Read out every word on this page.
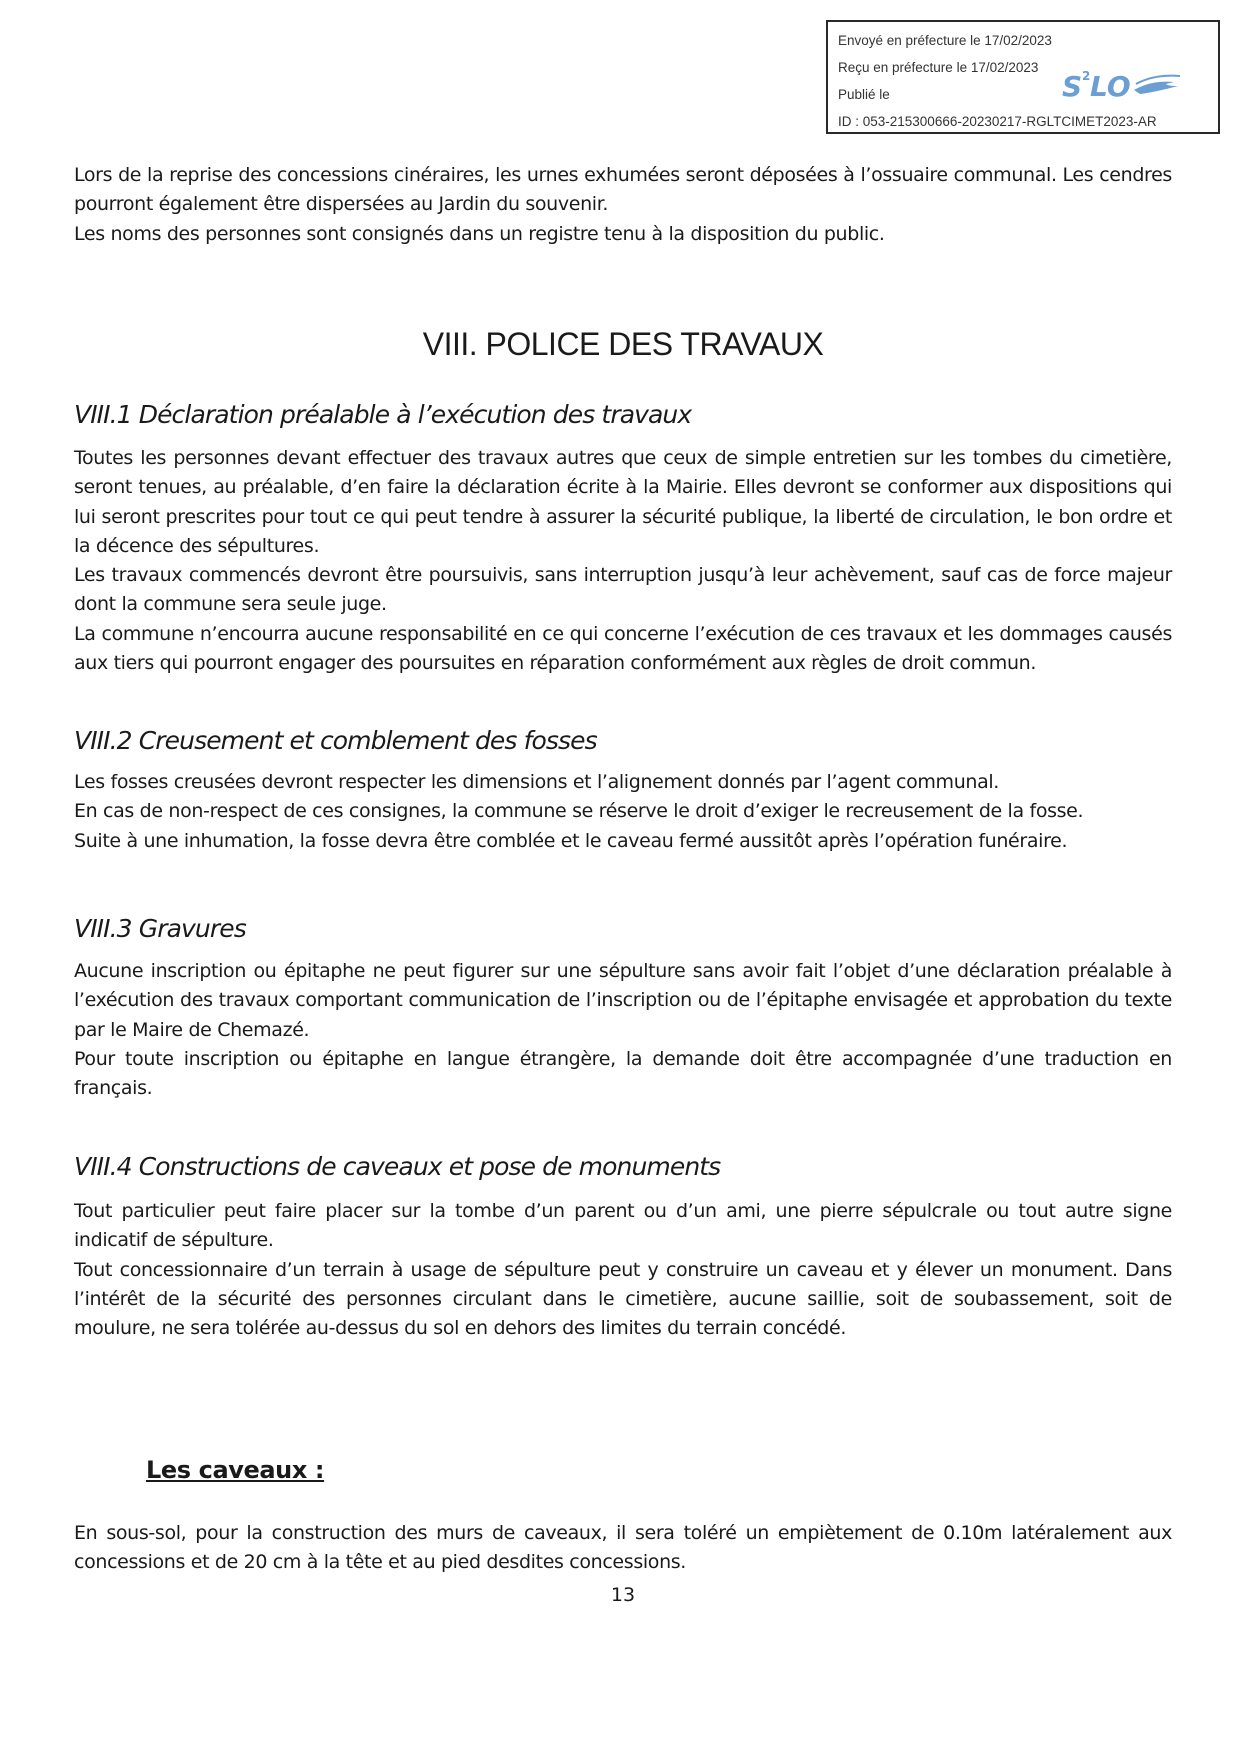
Envoyé en préfecture le 17/02/2023
Reçu en préfecture le 17/02/2023
Publié le
ID : 053-215300666-20230217-RGLTCIMET2023-AR
S 2 LO

Lors de la reprise des concessions cinéraires, les urnes exhumées seront déposées à l’ossuaire communal. Les cendres pourront également être dispersées au Jardin du souvenir.

Les noms des personnes sont consignés dans un registre tenu à la disposition du public.

VIII. POLICE DES TRAVAUX
VIII.1 Déclaration préalable à l’exécution des travaux

Toutes les personnes devant effectuer des travaux autres que ceux de simple entretien sur les tombes du cimetière, seront tenues, au préalable, d’en faire la déclaration écrite à la Mairie. Elles devront se conformer aux dispositions qui lui seront prescrites pour tout ce qui peut tendre à assurer la sécurité publique, la liberté de circulation, le bon ordre et la décence des sépultures.

Les travaux commencés devront être poursuivis, sans interruption jusqu’à leur achèvement, sauf cas de force majeur dont la commune sera seule juge.

La commune n’encourra aucune responsabilité en ce qui concerne l’exécution de ces travaux et les dommages causés aux tiers qui pourront engager des poursuites en réparation conformément aux règles de droit commun.

VIII.2 Creusement et comblement des fosses

Les fosses creusées devront respecter les dimensions et l’alignement donnés par l’agent communal.

En cas de non-respect de ces consignes, la commune se réserve le droit d’exiger le recreusement de la fosse.

Suite à une inhumation, la fosse devra être comblée et le caveau fermé aussitôt après l’opération funéraire.

VIII.3 Gravures

Aucune inscription ou épitaphe ne peut figurer sur une sépulture sans avoir fait l’objet d’une déclaration préalable à l’exécution des travaux comportant communication de l’inscription ou de l’épitaphe envisagée et approbation du texte par le Maire de Chemazé.

Pour toute inscription ou épitaphe en langue étrangère, la demande doit être accompagnée d’une traduction en français.

VIII.4 Constructions de caveaux et pose de monuments

Tout particulier peut faire placer sur la tombe d’un parent ou d’un ami, une pierre sépulcrale ou tout autre signe indicatif de sépulture.

Tout concessionnaire d’un terrain à usage de sépulture peut y construire un caveau et y élever un monument. Dans l’intérêt de la sécurité des personnes circulant dans le cimetière, aucune saillie, soit de soubassement, soit de moulure, ne sera tolérée au-dessus du sol en dehors des limites du terrain concédé.

Les caveaux :

En sous-sol, pour la construction des murs de caveaux, il sera toléré un empiètement de 0.10m latéralement aux concessions et de 20 cm à la tête et au pied desdites concessions.

13
